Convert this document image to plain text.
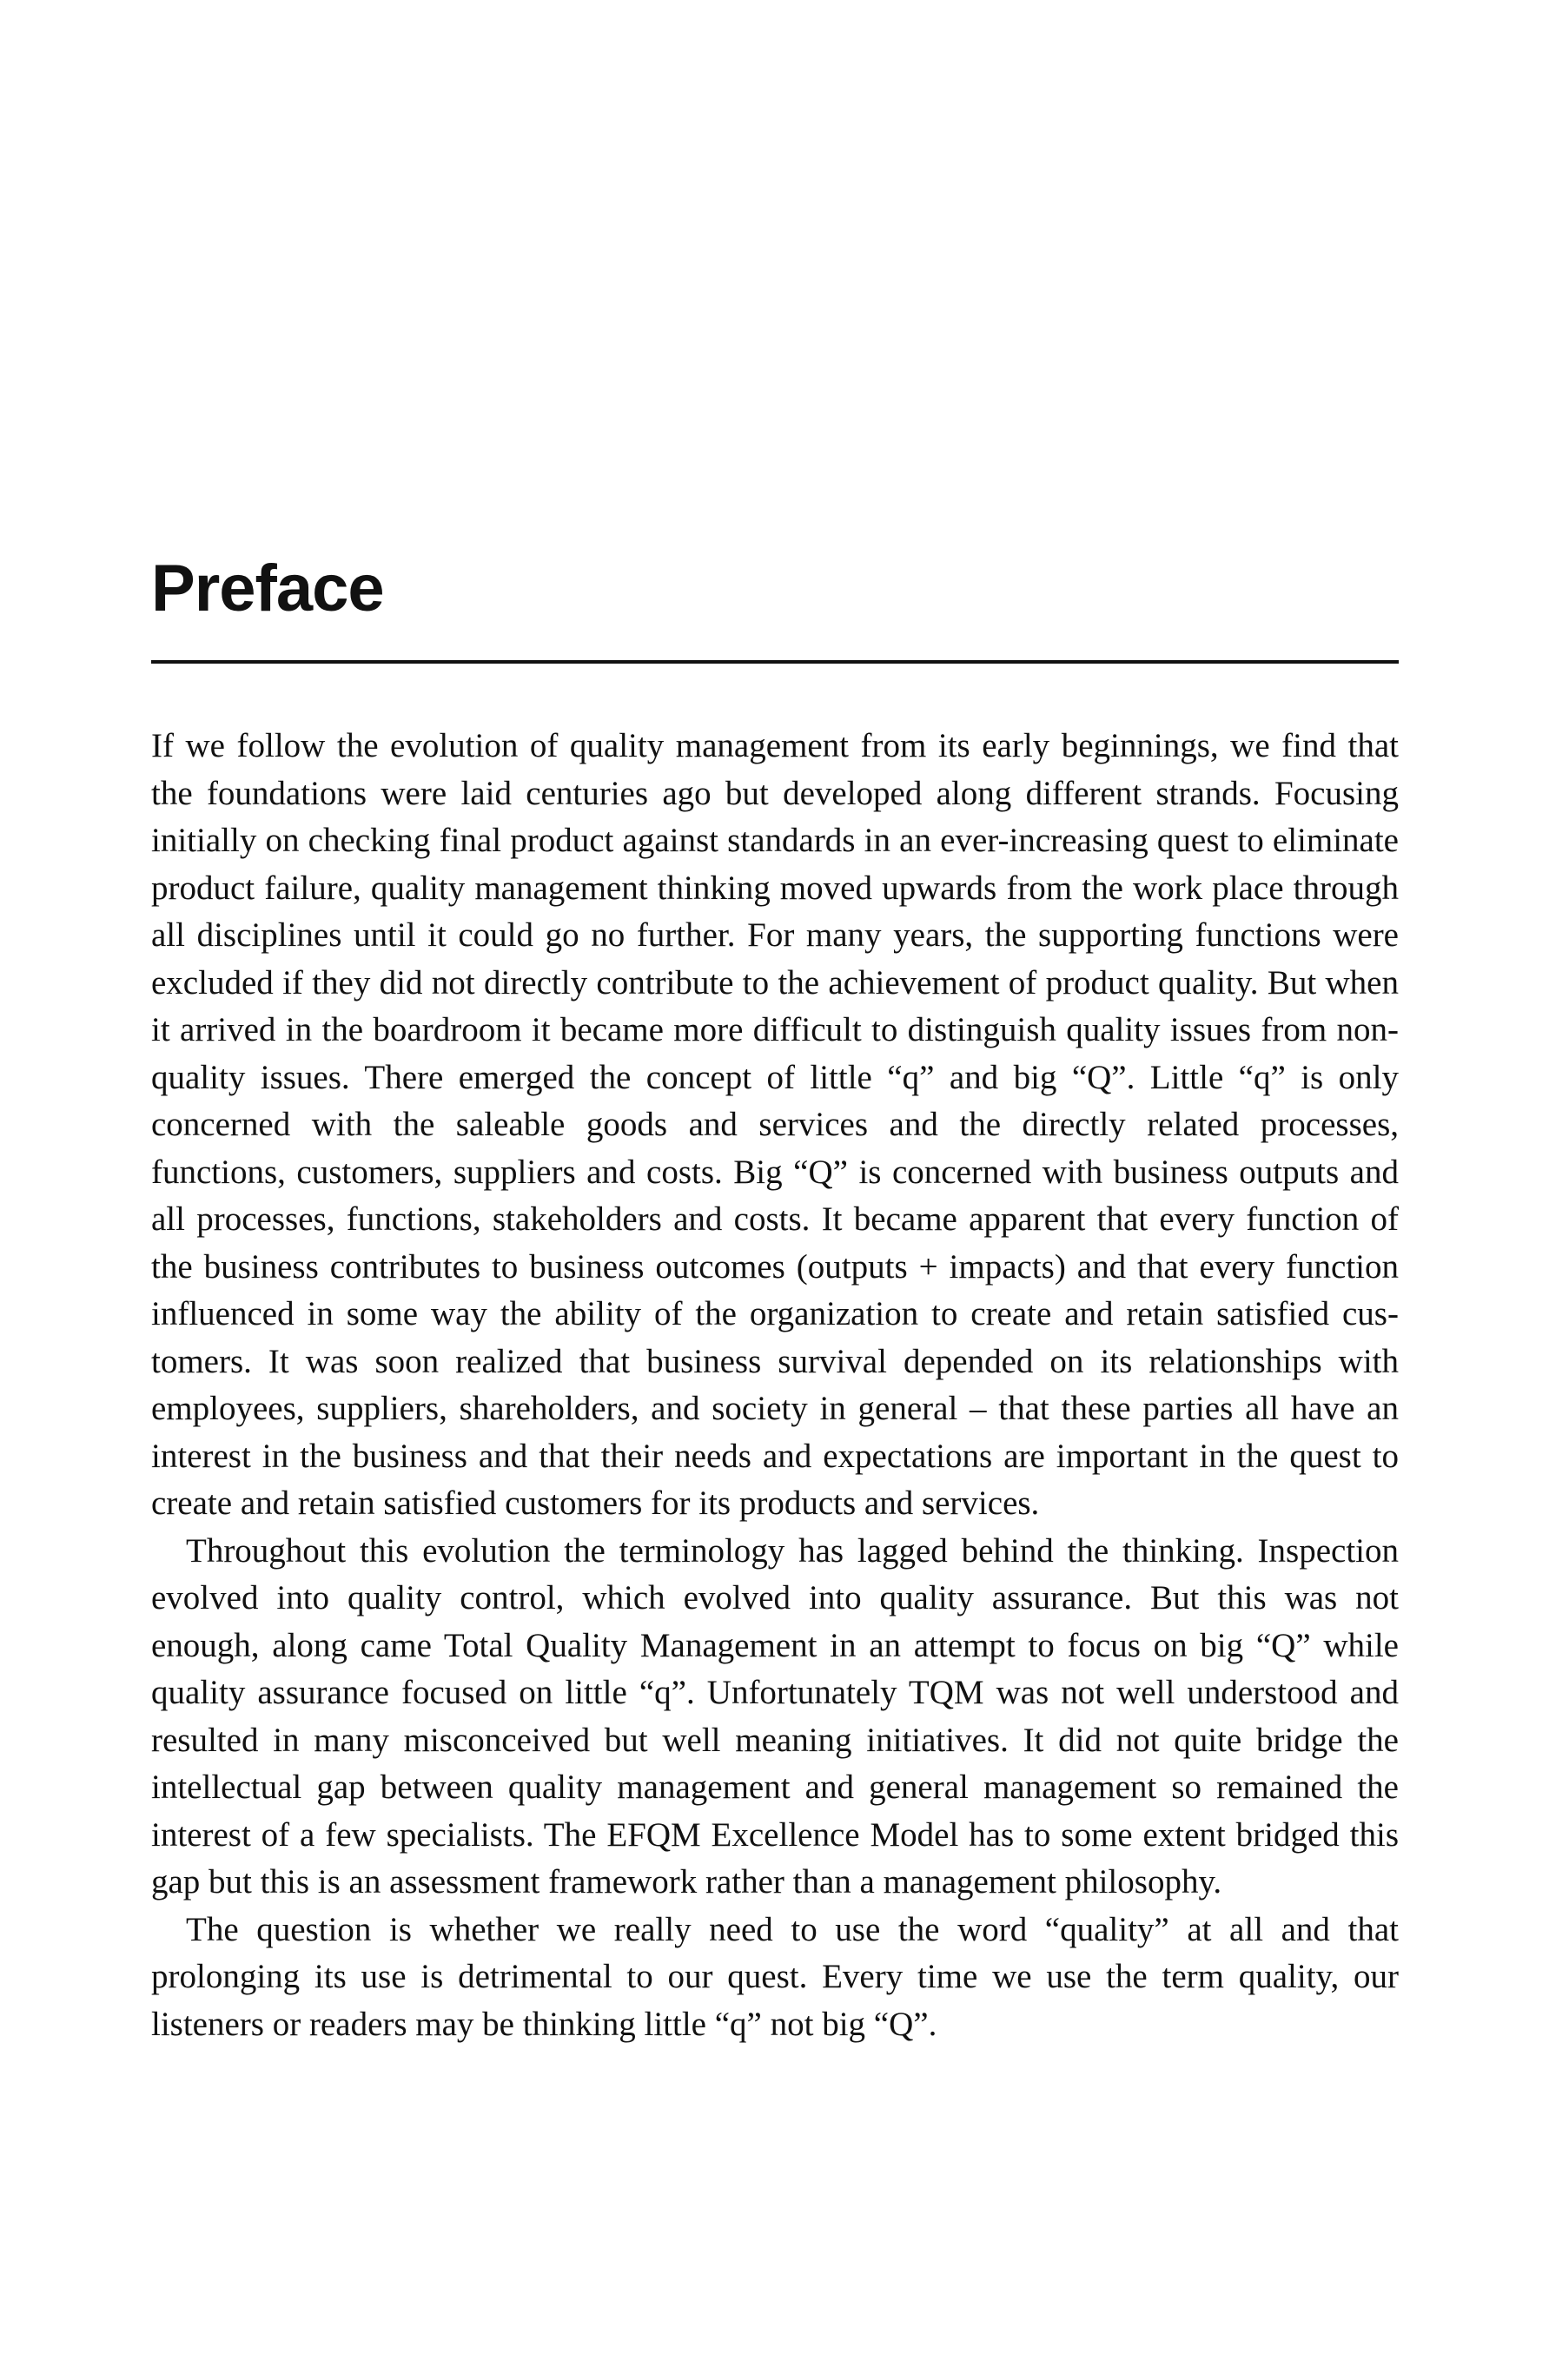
Preface

If we follow the evolution of quality management from its early beginnings, we find that the foundations were laid centuries ago but developed along different strands. Focusing initially on checking final product against standards in an ever-increasing quest to eliminate product failure, quality management thinking moved upwards from the work place through all disciplines until it could go no further. For many years, the supporting functions were excluded if they did not directly contribute to the achievement of product quality. But when it arrived in the boardroom it became more difficult to distinguish quality issues from non-quality issues. There emerged the concept of little “q” and big “Q”. Little “q” is only concerned with the saleable goods and services and the directly related processes, functions, customers, suppliers and costs. Big “Q” is concerned with business outputs and all processes, functions, stakeholders and costs. It became apparent that every function of the business contributes to business outcomes (outputs + impacts) and that every function influenced in some way the ability of the organization to create and retain satisfied customers. It was soon realized that business survival depended on its relationships with employees, suppliers, shareholders, and society in general – that these parties all have an interest in the business and that their needs and expectations are important in the quest to create and retain satisfied customers for its products and services.

Throughout this evolution the terminology has lagged behind the thinking. Inspection evolved into quality control, which evolved into quality assurance. But this was not enough, along came Total Quality Management in an attempt to focus on big “Q” while quality assurance focused on little “q”. Unfortunately TQM was not well understood and resulted in many misconceived but well meaning initiatives. It did not quite bridge the intellectual gap between quality management and general management so remained the interest of a few specialists. The EFQM Excellence Model has to some extent bridged this gap but this is an assessment framework rather than a management philosophy.

The question is whether we really need to use the word “quality” at all and that prolonging its use is detrimental to our quest. Every time we use the term quality, our listeners or readers may be thinking little “q” not big “Q”.
